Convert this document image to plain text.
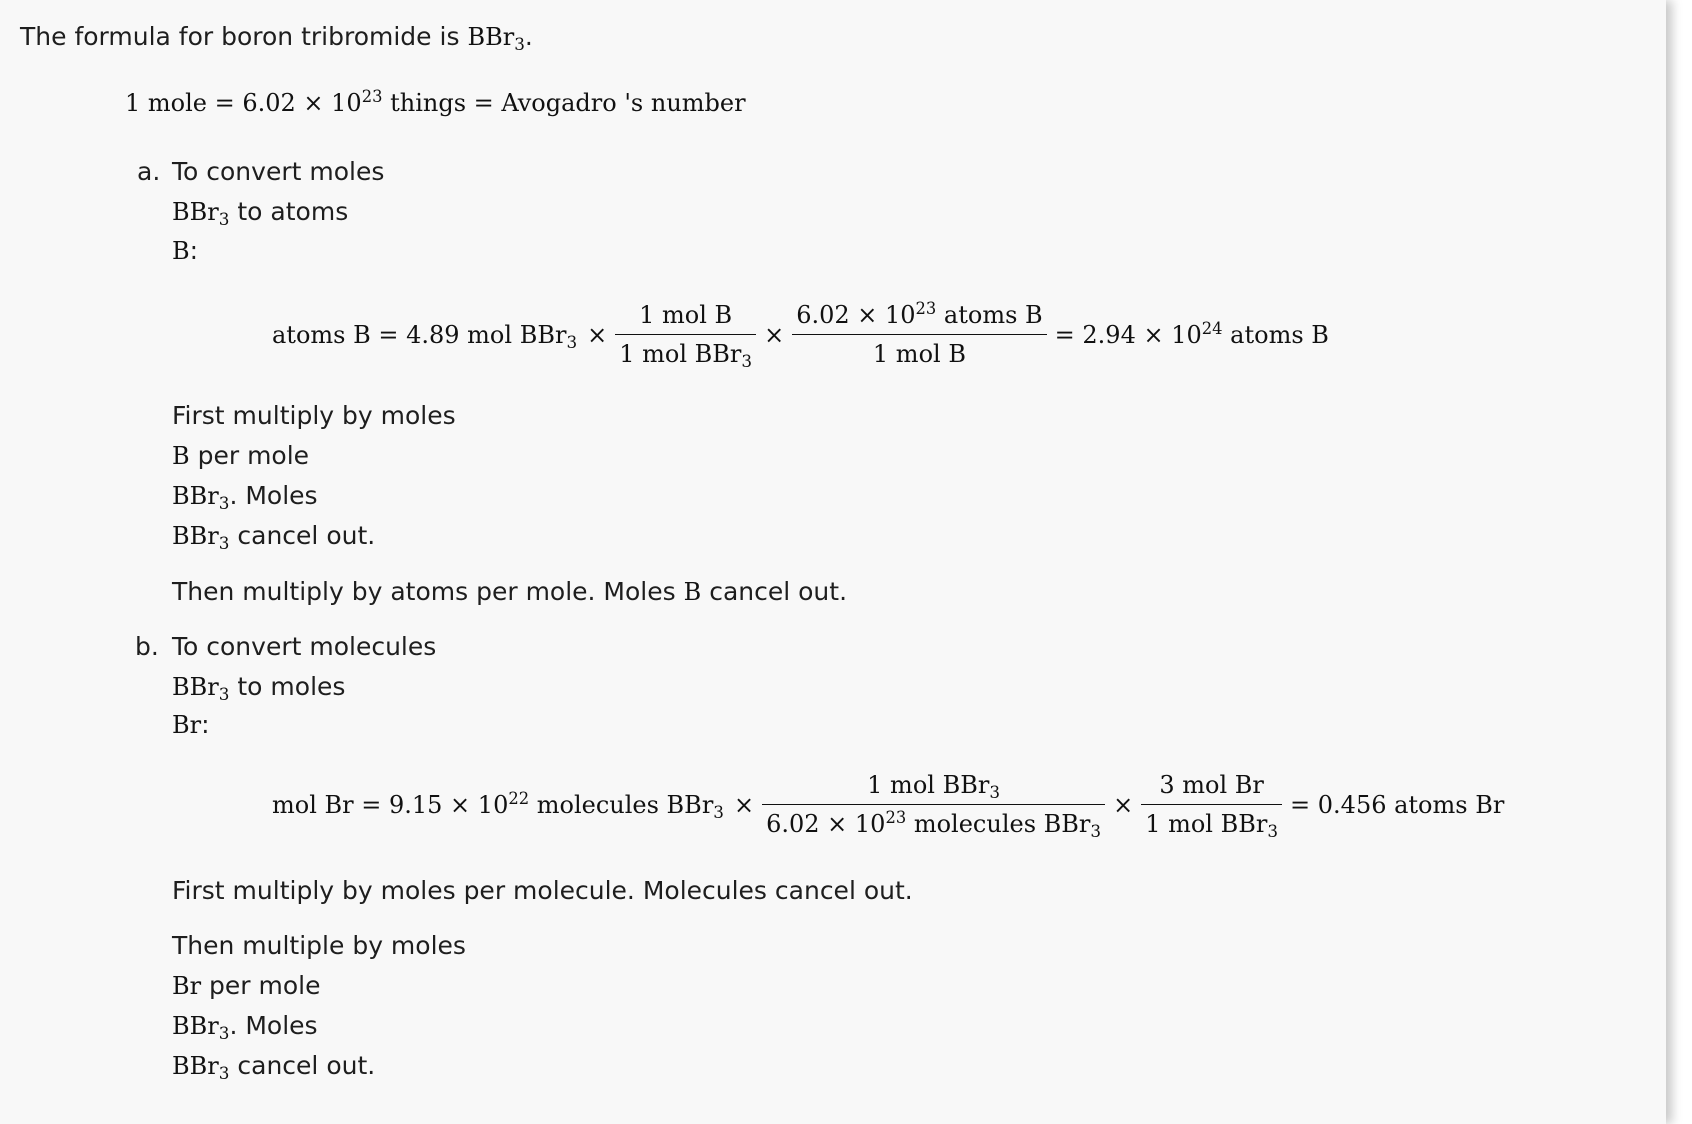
The formula for boron tribromide is BBr$_3$.
1 mole = $6.02 \times 10^{23}$ things = Avogadro 's number
a. To convert moles
BBr$_3$ to atoms
B:
atoms B = 4.89 mol $BBr_3 \times \frac{\text{1 mol B}}{1 mol BBr_3} \times \frac{6.02 \times 10^{23} atoms B}{\text{1 mol B}} = 2.94 \times 10^{24}$ atoms B
First multiply by moles
B per mole
BBr$_3$. Moles
BBr$_3$ cancel out.
Then multiply by atoms per mole. Moles B cancel out.
b. To convert molecules
BBr$_3$ to moles
Br:
mol $Br = 9.15 \times 10^{22}$ molecules $BBr_3 \times \frac{1 mol BBr_3}{6.02 \times 10^{23} molecules BBr_3} \times \frac{\text{3 mol Br}}{1 mol BBr_3} = 0.456$ atoms Br
First multiply by moles per molecule. Molecules cancel out.
Then multiple by moles
Br per mole
BBr$_3$. Moles
BBr$_3$ cancel out.
